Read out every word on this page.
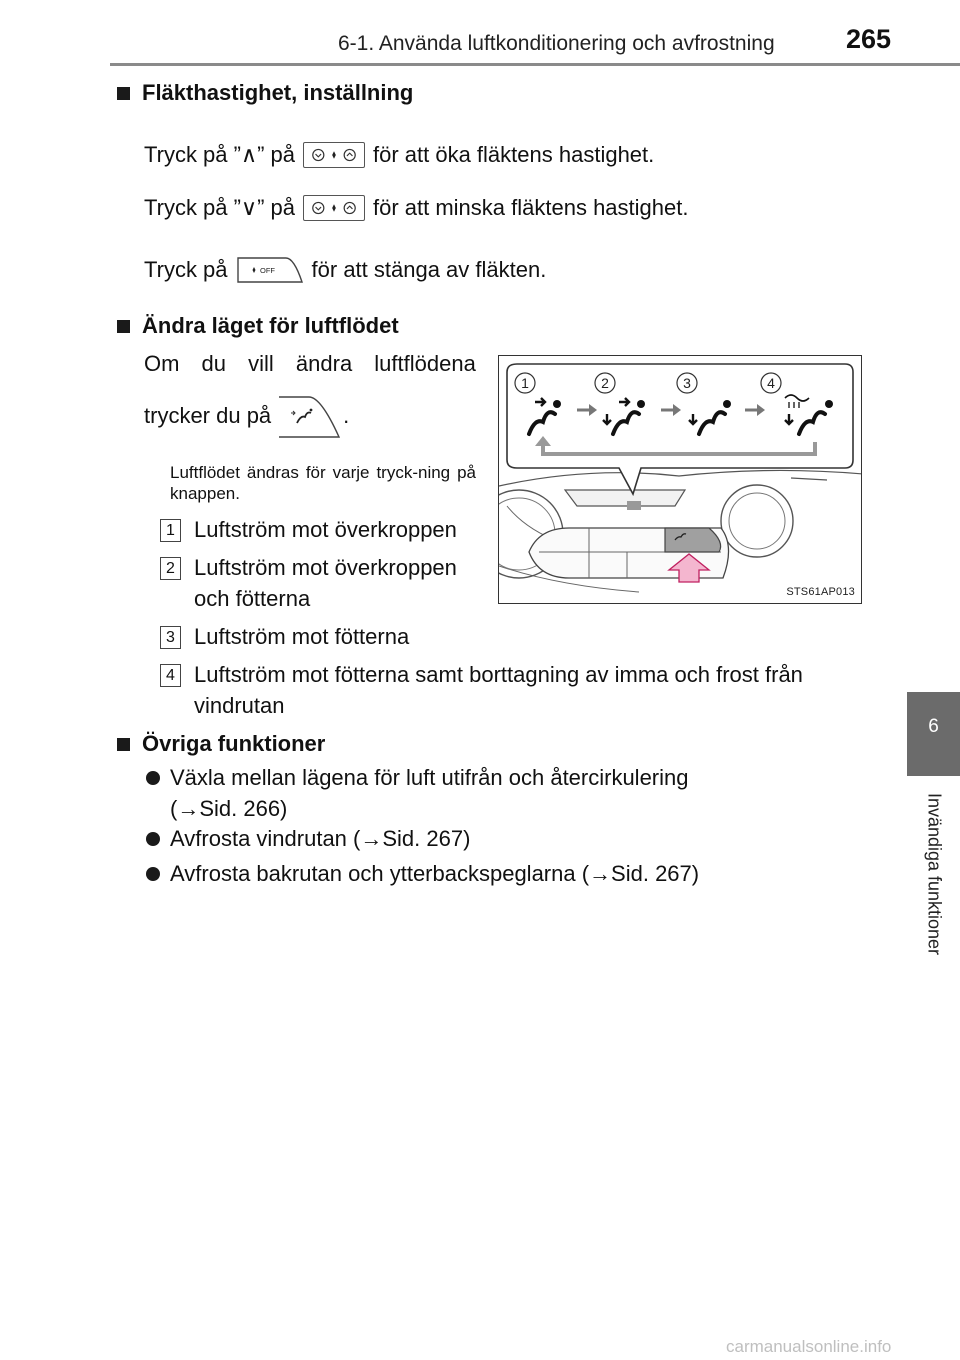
6-1. Använda luftkonditionering och avfrostning	265
6
Invändiga funktioner
Fläkthastighet, inställning
Tryck på ”∧” på	för att öka fläktens hastighet.
Tryck på ”∨” på	för att minska fläktens hastighet.
Tryck på	OFF för att stänga av fläkten.
Ändra läget för luftflödet
Om du vill ändra luftflödena
trycker du på	.
Luftflödet ändras för varje tryck-ning på knappen.
1 Luftström mot överkroppen
2 Luftström mot överkroppen och fötterna
3 Luftström mot fötterna
4 Luftström mot fötterna samt borttagning av imma och frost från vindrutan
1	2	3	4
STS61AP013
Övriga funktioner
Växla mellan lägena för luft utifrån och återcirkulering (→Sid. 266)
Avfrosta vindrutan (→Sid. 267)
Avfrosta bakrutan och ytterbackspeglarna (→Sid. 267)
carmanualsonline.info
